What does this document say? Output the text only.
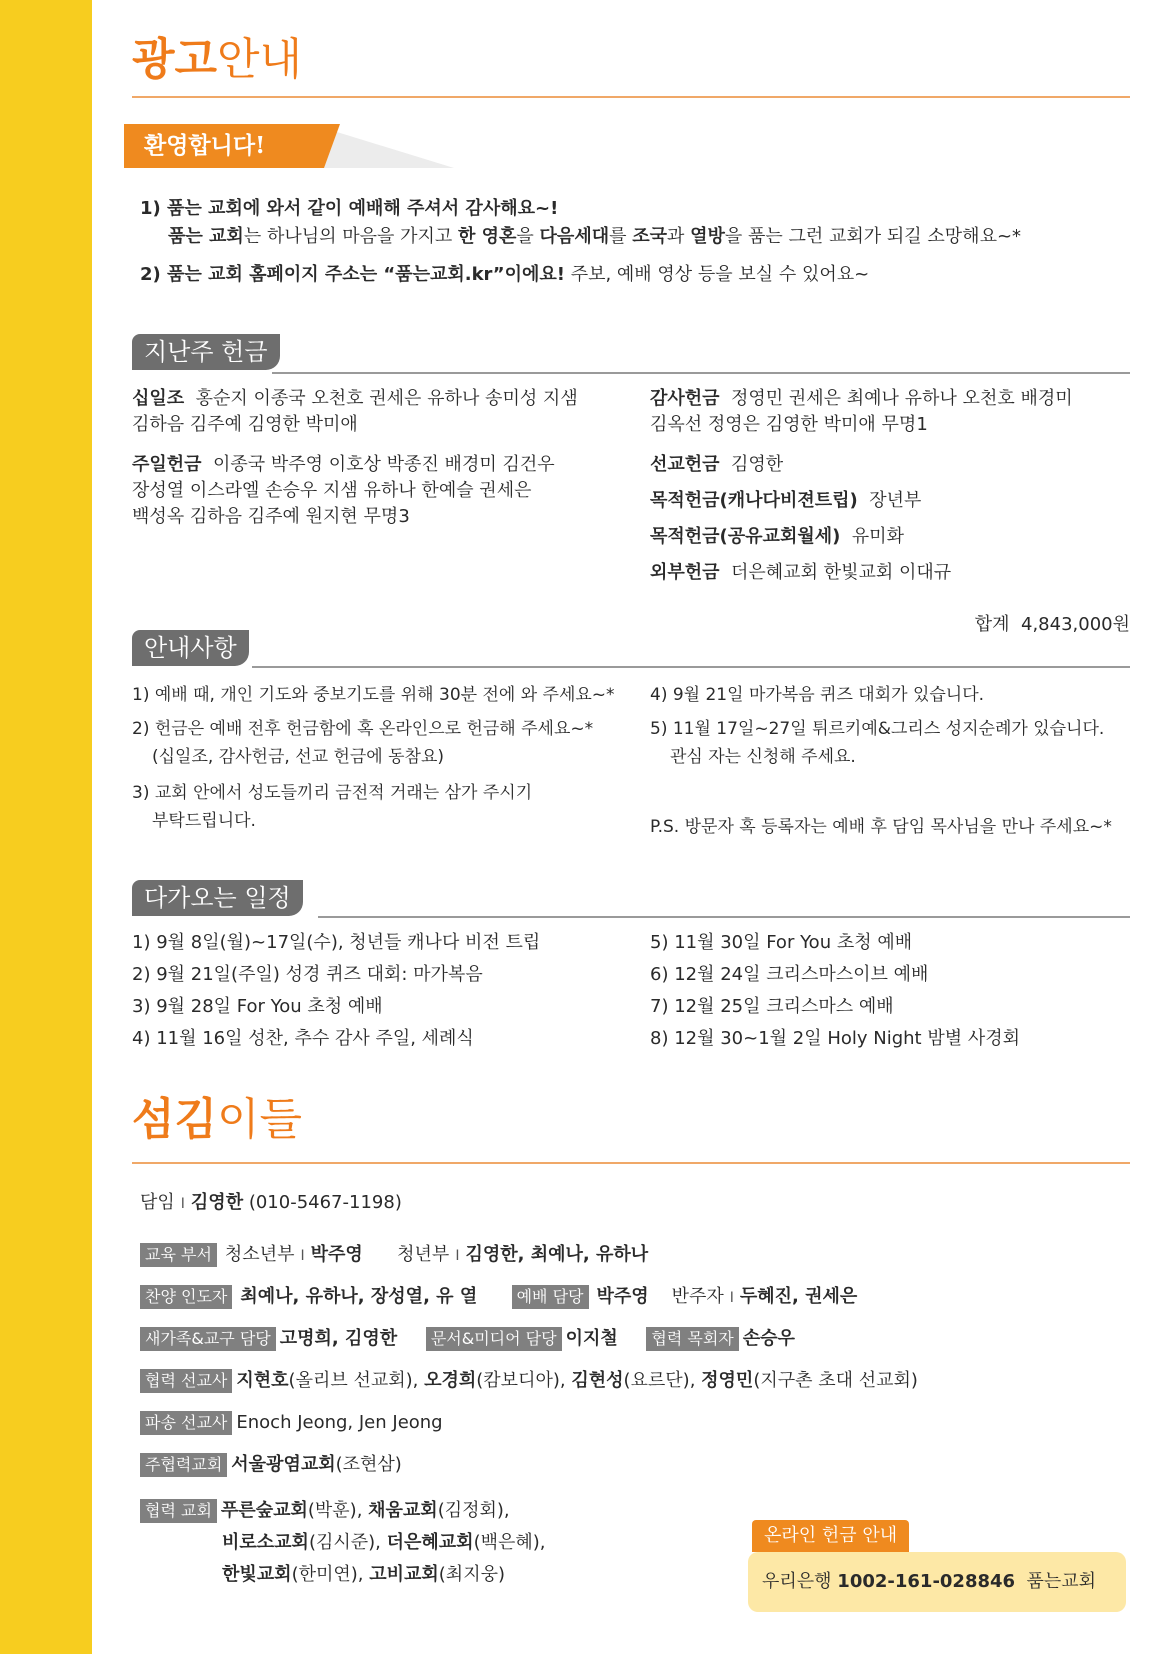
광고안내
환영합니다!
1) 품는 교회에 와서 같이 예배해 주셔서 감사해요~!
품는 교회는 하나님의 마음을 가지고 한 영혼을 다음세대를 조국과 열방을 품는 그런 교회가 되길 소망해요~*
2) 품는 교회 홈페이지 주소는 “품는교회.kr”이에요! 주보, 예배 영상 등을 보실 수 있어요~
지난주 헌금
십일조 홍순지 이종국 오천호 권세은 유하나 송미성 지샘
김하음 김주예 김영한 박미애
주일헌금 이종국 박주영 이호상 박종진 배경미 김건우
장성열 이스라엘 손승우 지샘 유하나 한예슬 권세은
백성옥 김하음 김주예 원지현 무명3
감사헌금 정영민 권세은 최예나 유하나 오천호 배경미
김옥선 정영은 김영한 박미애 무명1
선교헌금 김영한
목적헌금(캐나다비젼트립) 장년부
목적헌금(공유교회월세) 유미화
외부헌금 더은혜교회 한빛교회 이대규
합계 4,843,000원
안내사항
1) 예배 때, 개인 기도와 중보기도를 위해 30분 전에 와 주세요~*
2) 헌금은 예배 전후 헌금함에 혹 온라인으로 헌금해 주세요~*
(십일조, 감사헌금, 선교 헌금에 동참요)
3) 교회 안에서 성도들끼리 금전적 거래는 삼가 주시기
부탁드립니다.
4) 9월 21일 마가복음 퀴즈 대회가 있습니다.
5) 11월 17일~27일 튀르키예&그리스 성지순례가 있습니다.
관심 자는 신청해 주세요.
P.S. 방문자 혹 등록자는 예배 후 담임 목사님을 만나 주세요~*
다가오는 일정
1) 9월 8일(월)~17일(수), 청년들 캐나다 비전 트립
2) 9월 21일(주일) 성경 퀴즈 대회: 마가복음
3) 9월 28일 For You 초청 예배
4) 11월 16일 성찬, 추수 감사 주일, 세례식
5) 11월 30일 For You 초청 예배
6) 12월 24일 크리스마스이브 예배
7) 12월 25일 크리스마스 예배
8) 12월 30~1월 2일 Holy Night 밤별 사경회
섬김이들
담임 I 김영한 (010-5467-1198)
교육 부서 청소년부 I 박주영 청년부 I 김영한, 최예나, 유하나
찬양 인도자 최예나, 유하나, 장성열, 유 열 예배 담당 박주영 반주자 I 두혜진, 권세은
새가족&교구 담당 고명희, 김영한 문서&미디어 담당 이지철 협력 목회자 손승우
협력 선교사 지현호(올리브 선교회), 오경희(캄보디아), 김현성(요르단), 정영민(지구촌 초대 선교회)
파송 선교사 Enoch Jeong, Jen Jeong
주협력교회 서울광염교회(조현삼)
협력 교회 푸른숲교회(박훈), 채움교회(김정회),
비로소교회(김시준), 더은혜교회(백은혜),
한빛교회(한미연), 고비교회(최지웅)
온라인 헌금 안내
우리은행 1002-161-028846 품는교회
